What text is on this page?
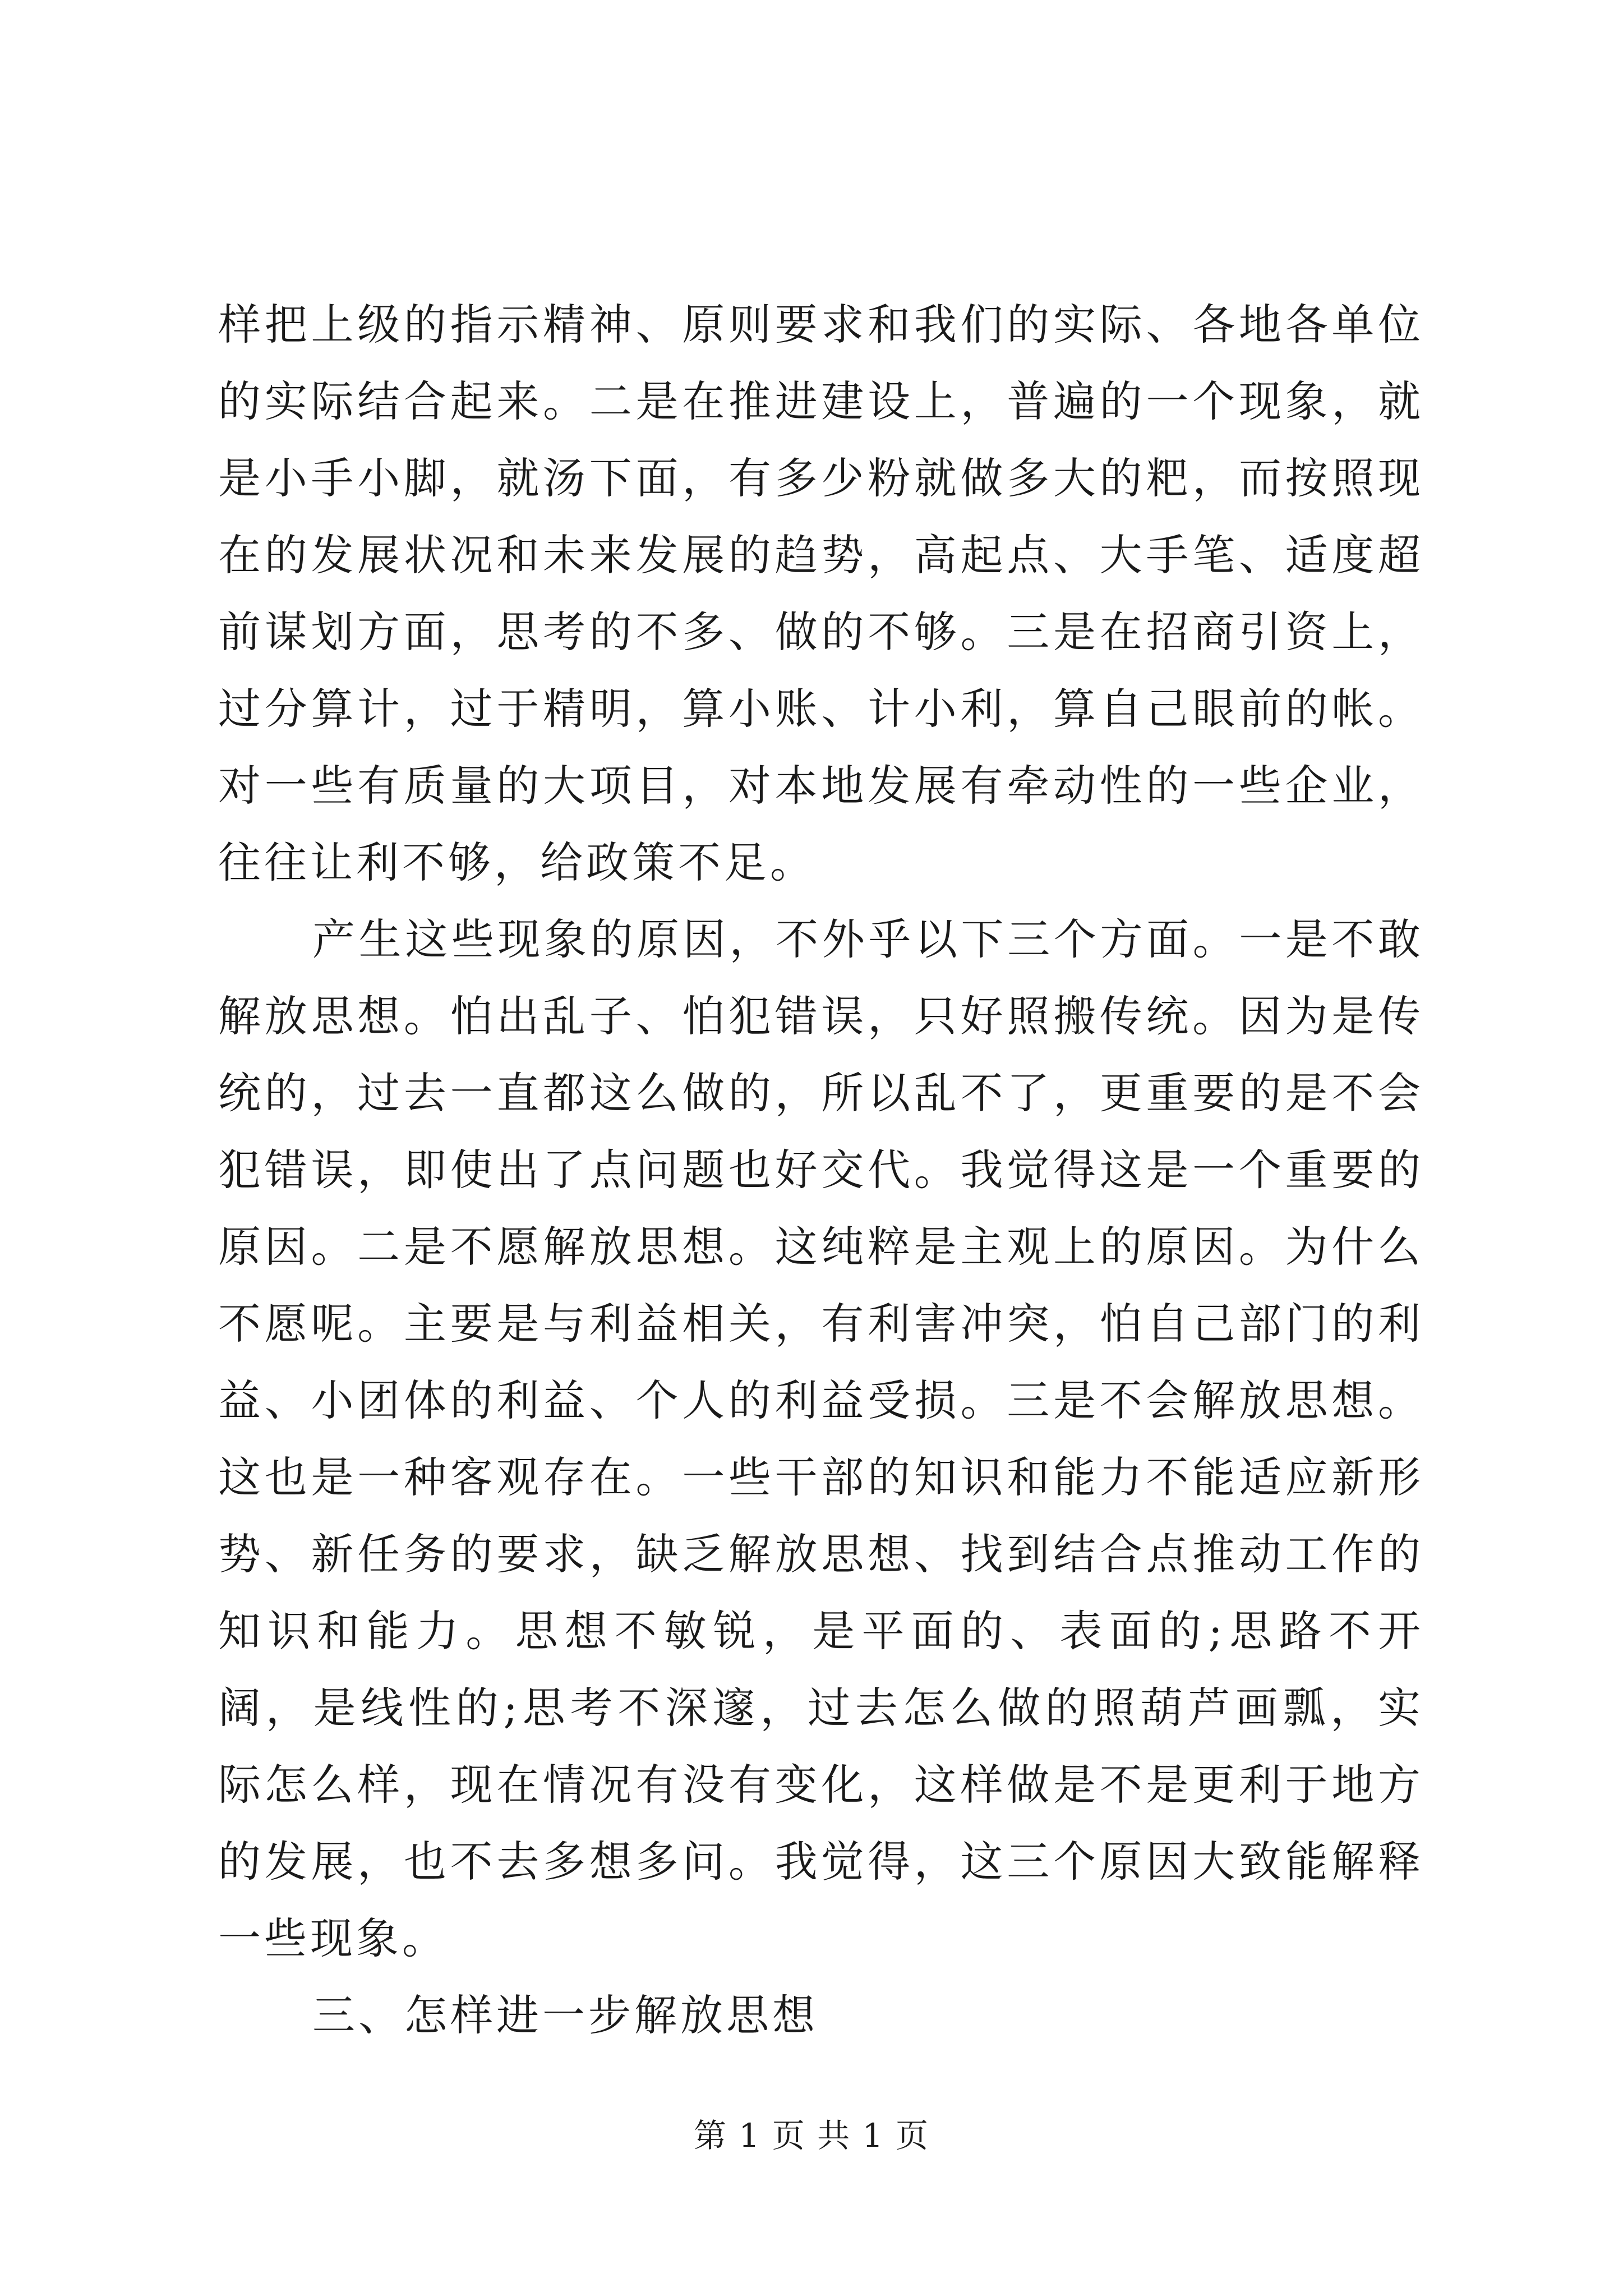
样把上级的指示精神、原则要求和我们的实际、各地各单位的实际结合起来。二是在推进建设上，普遍的一个现象，就是小手小脚，就汤下面，有多少粉就做多大的粑，而按照现在的发展状况和未来发展的趋势，高起点、大手笔、适度超前谋划方面，思考的不多、做的不够。三是在招商引资上，过分算计，过于精明，算小账、计小利，算自己眼前的帐。对一些有质量的大项目，对本地发展有牵动性的一些企业，往往让利不够，给政策不足。

产生这些现象的原因，不外乎以下三个方面。一是不敢解放思想。怕出乱子、怕犯错误，只好照搬传统。因为是传统的，过去一直都这么做的，所以乱不了，更重要的是不会犯错误，即使出了点问题也好交代。我觉得这是一个重要的原因。二是不愿解放思想。这纯粹是主观上的原因。为什么不愿呢。主要是与利益相关，有利害冲突，怕自己部门的利益、小团体的利益、个人的利益受损。三是不会解放思想。这也是一种客观存在。一些干部的知识和能力不能适应新形势、新任务的要求，缺乏解放思想、找到结合点推动工作的知识和能力。思想不敏锐，是平面的、表面的;思路不开阔，是线性的;思考不深邃，过去怎么做的照葫芦画瓢，实际怎么样，现在情况有没有变化，这样做是不是更利于地方的发展，也不去多想多问。我觉得，这三个原因大致能解释一些现象。

三、怎样进一步解放思想

第 1 页 共 1 页
